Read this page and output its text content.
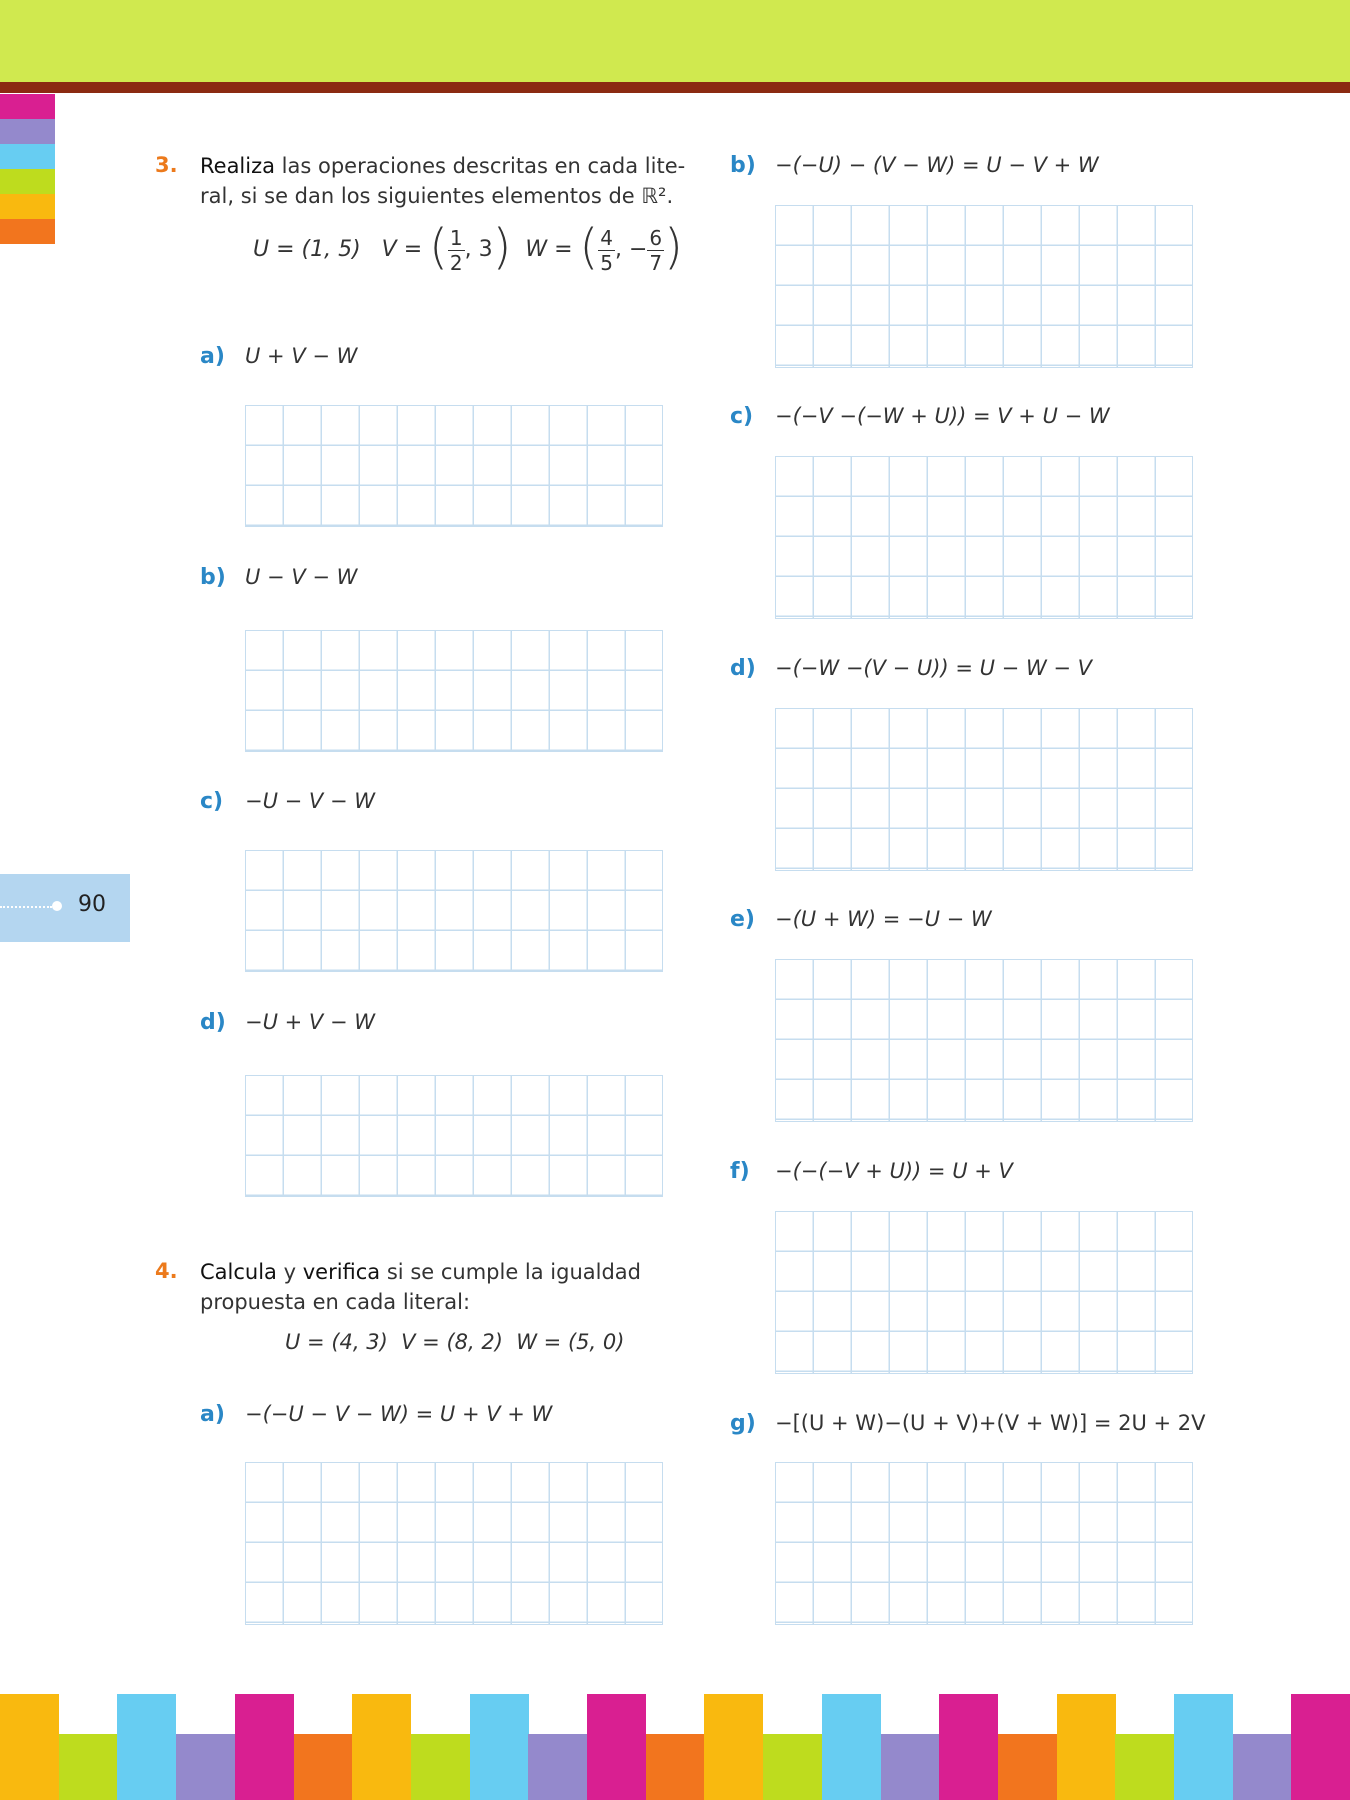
90
3. Realiza las operaciones descritas en cada lite-
ral, si se dan los siguientes elementos de ℝ².
U = (1, 5) V = ( $\frac{1}{2}$ , 3) W = ( $\frac{4}{5}$ , − $\frac{6}{7}$ )
a) U + V − W
b) U − V − W
c) −U − V − W
d) −U + V − W
4. Calcula y verifica si se cumple la igualdad
propuesta en cada literal:
U = (4, 3)  V = (8, 2)  W = (5, 0)
a) −(−U − V − W) = U + V + W
b) −(−U) − (V − W) = U − V + W
c) −(−V −(−W + U)) = V + U − W
d) −(−W −(V − U)) = U − W − V
e) −(U + W) = −U − W
f) −(−(−V + U)) = U + V
g) −[(U + W)−(U + V)+(V + W)] = 2U + 2V
